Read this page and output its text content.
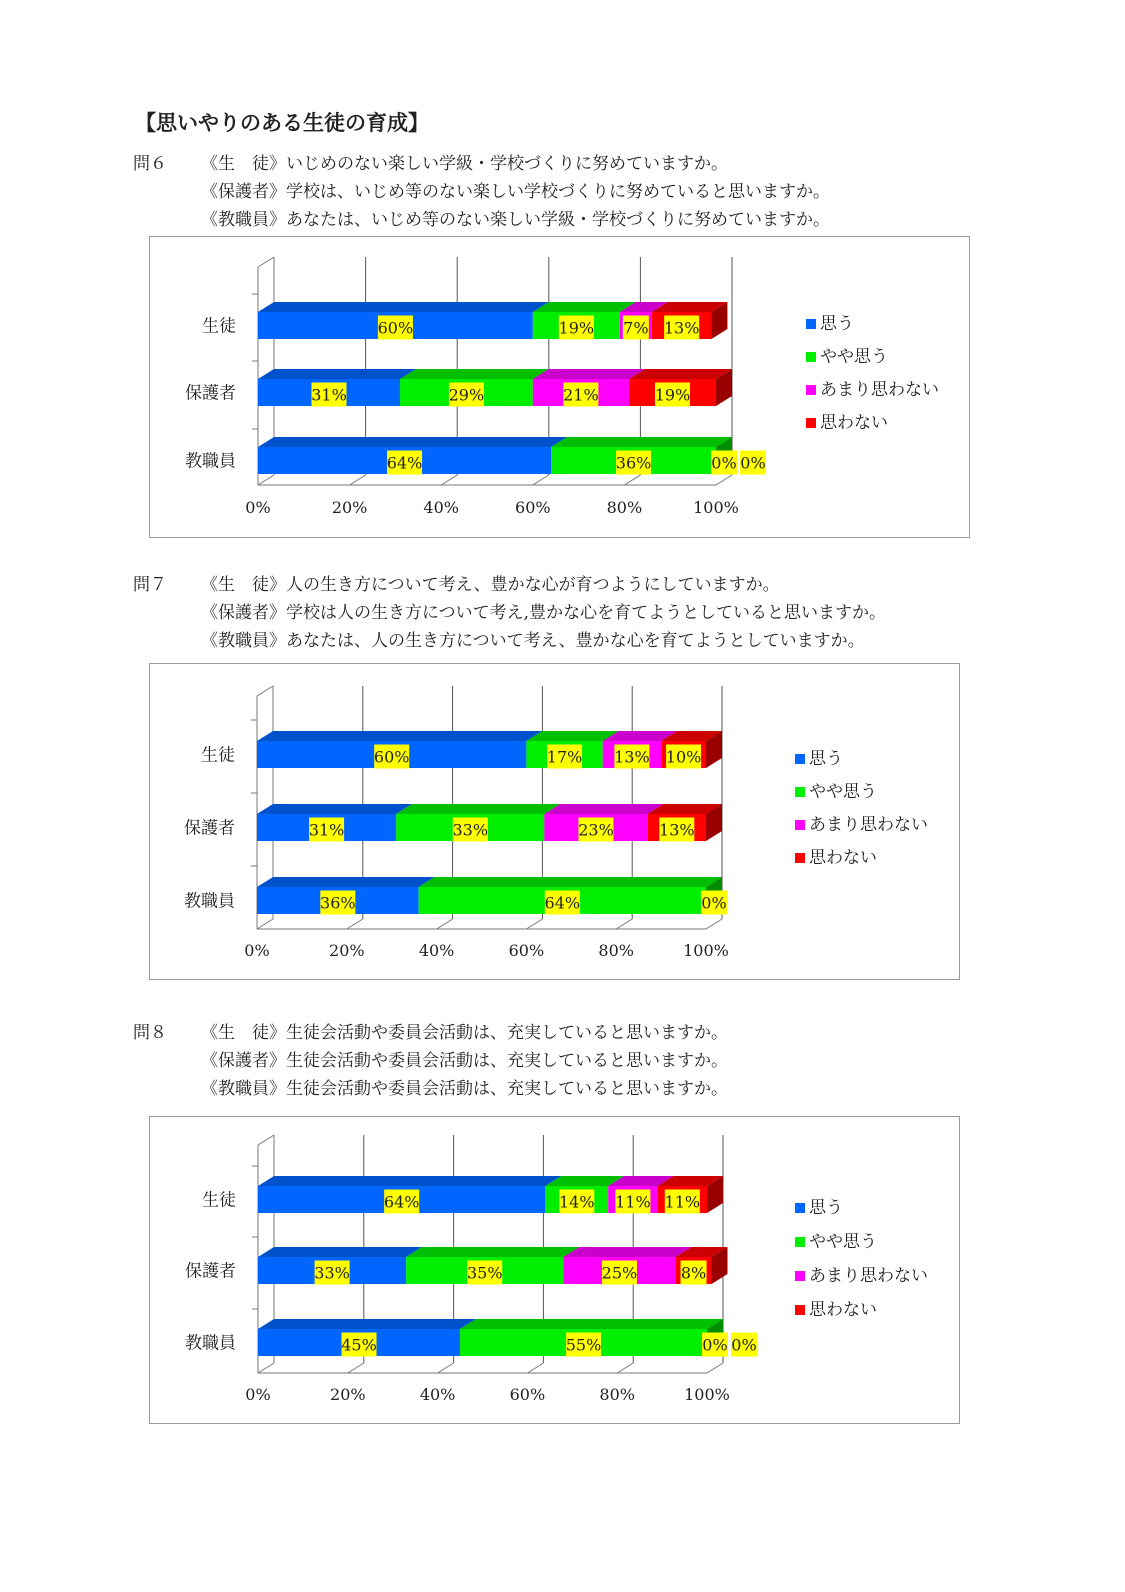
【思いやりのある生徒の育成】
問６ 《生　徒》いじめのない楽しい学級・学校づくりに努めていますか。
《保護者》学校は、いじめ等のない楽しい学校づくりに努めていると思いますか。
《教職員》あなたは、いじめ等のない楽しい学級・学校づくりに努めていますか。
0%	20%	40%	60%	80%	100%
生徒	60%	19% 7% 13%
保護者	31%	29%	21%	19%
教職員	64%	36%	0% 0%
思う
やや思う
あまり思わない
思わない
問７ 《生　徒》人の生き方について考え、豊かな心が育つようにしていますか。
《保護者》学校は人の生き方について考え,豊かな心を育てようとしていると思いますか。
《教職員》あなたは、人の生き方について考え、豊かな心を育てようとしていますか。
0%	20%	40%	60%	80%	100%
生徒	60%	17% 13% 10%
保護者	31%	33%	23%	13%
教職員	36%	64%	0%
思う
やや思う
あまり思わない
思わない
問８ 《生　徒》生徒会活動や委員会活動は、充実していると思いますか。
《保護者》生徒会活動や委員会活動は、充実していると思いますか。
《教職員》生徒会活動や委員会活動は、充実していると思いますか。
0%	20%	40%	60%	80%	100%
生徒	64%	14% 11% 11%
保護者	33%	35%	25%	8%
教職員	45%	55%	0% 0%
思う
やや思う
あまり思わない
思わない
